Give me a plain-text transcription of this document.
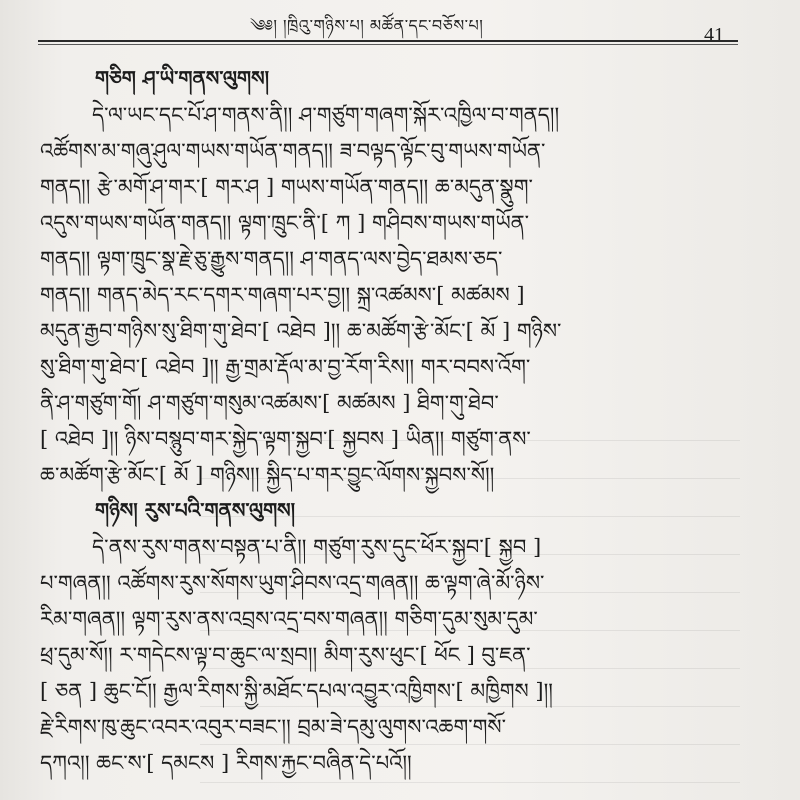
༄༅། །ཁྲིའུ་གཉིས་པ། མཚོན་དང་བཅོས་པ།	41
གཅིག ཤ་ཡི་གནས་ལུགས།
དེ་ལ་ཡང་དང་པོ་ཤ་གནས་ནི།། ཤ་གཙུག་གཞག་སྐོར་འཁྱིལ་བ་གནད།།
འཚོགས་མ་གཞུ་ཤུལ་གཡས་གཡོན་གནད།། ཟ་བལྟད་ལྟོང་བུ་གཡས་གཡོན་
གནད།། རྩེ་མགོ་ཤ་གར་[ གར་ཤ ] གཡས་གཡོན་གནད།། ཆ་མདུན་སྣུག་
འདུས་གཡས་གཡོན་གནད།། ལྟག་ཁྲུང་ནི་[ ཀ ] གཤིབས་གཡས་གཡོན་
གནད།། ལྟག་ཁྲུང་སྣ་རྗེ་ཅུ་རྒྱུས་གནད།། ཤ་གནད་ལས་བྱེད་ཐམས་ཅད་
གནད།། གནད་མེད་རང་དགར་གཞག་པར་བྱ།། སྐྲ་འཚམས་[ མཚམས ]
མདུན་རྒྱབ་གཉིས་སུ་ཐིག་གུ་ཐེབ་[ འཐེབ ]།། ཆ་མཚོག་རྩེ་མོང་[ མོ ] གཉིས་
སུ་ཐིག་གུ་ཐེབ་[ འཐེབ ]།། རྒྱ་གྲམ་རྡོལ་མ་བྱ་རོག་རིས།། གར་བབས་འོག་
ནི་ཤ་གཙུག་གོ། ཤ་གཙུག་གསུམ་འཚམས་[ མཚམས ] ཐིག་གུ་ཐེབ་
[ འཐེབ ]།། ཉིས་བསྙུབ་གར་སྐྱེད་ལྟག་སྐྱབ་[ སྐྱབས ] ཡིན།། གཙུག་ནས་
ཆ་མཚོག་རྩེ་མོང་[ མོ ] གཉིས།། སྐྱིད་པ་གར་བྱུང་ལོགས་སྐྱབས་སོ།།
གཉིས། རུས་པའི་གནས་ལུགས།
དེ་ནས་རུས་གནས་བསྟན་པ་ནི།། གཙུག་རུས་དུང་ཕོར་སྐྱབ་[ སྐྱབ ]
པ་གཞན།། འཚོགས་རུས་སོགས་ཡུག་ཤིབས་འདྲ་གཞན།། ཆ་ལྟག་ཞེ་མོ་ཉིས་
རིམ་གཞན།། ལྟག་རུས་ནས་འབྲས་འདྲ་བས་གཞན།། གཅིག་དུམ་སུམ་དུམ་
ཕྲ་དུམ་སོ།། ར་གདེངས་ལྟ་བ་ཆུང་ལ་སྲབ།། མིག་རུས་ཕུང་[ ཕོང ] བུ་ཇན་
[ ཅན ] ཆུང་ངོ།། རྒྱལ་རིགས་སྐྱི་མཐོང་དཔལ་འབྱུར་འཁྱིགས་[ མཁྱིགས ]།།
རྗེ་རིགས་ཁུ་ཆུང་འབར་འབུར་བཟང་།། བྲམ་ཟེ་དམུ་ལུགས་འཆག་གསོ་
དཀའ།། ཆང་ས་[ དམངས ] རིགས་རྐྱང་བཞིན་དེ་པའོ།།
